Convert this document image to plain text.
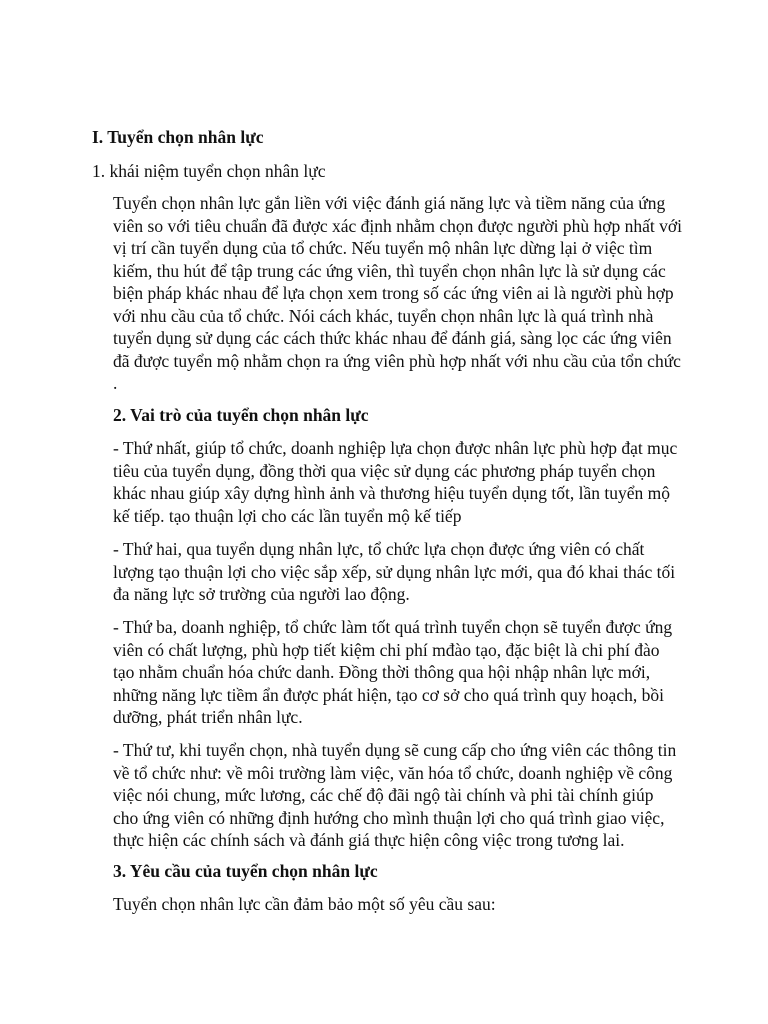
I. Tuyển chọn nhân lực

1. khái niệm tuyển chọn nhân lực

Tuyển chọn nhân lực gắn liền với việc đánh giá năng lực và tiềm năng của ứng viên so với tiêu chuẩn đã được xác định nhằm chọn được người phù hợp nhất với vị trí cần tuyển dụng của tổ chức. Nếu tuyển mộ nhân lực dừng lại ở việc tìm kiếm, thu hút để tập trung các ứng viên, thì tuyển chọn nhân lực là sử dụng các biện pháp khác nhau để lựa chọn xem trong số các ứng viên ai là người phù hợp với nhu cầu của tổ chức. Nói cách khác, tuyển chọn nhân lực là quá trình nhà tuyển dụng sử dụng các cách thức khác nhau để đánh giá, sàng lọc các ứng viên đã được tuyển mộ nhằm chọn ra ứng viên phù hợp nhất với nhu cầu của tổn chức .

2. Vai trò của tuyển chọn nhân lực

- Thứ nhất, giúp tổ chức, doanh nghiệp lựa chọn được nhân lực phù hợp đạt mục tiêu của tuyển dụng, đồng thời qua việc sử dụng các phương pháp tuyển chọn khác nhau giúp xây dựng hình ảnh và thương hiệu tuyển dụng tốt, lần tuyển mộ kế tiếp. tạo thuận lợi cho các lần tuyển mộ kế tiếp

- Thứ hai, qua tuyển dụng nhân lực, tổ chức lựa chọn được ứng viên có chất lượng tạo thuận lợi cho việc sắp xếp, sử dụng nhân lực mới, qua đó khai thác tối đa năng lực sở trường của người lao động.

- Thứ ba, doanh nghiệp, tổ chức làm tốt quá trình tuyển chọn sẽ tuyển được ứng viên có chất lượng, phù hợp tiết kiệm chi phí mđào tạo, đặc biệt là chi phí đào tạo nhằm chuẩn hóa chức danh. Đồng thời thông qua hội nhập nhân lực mới, những năng lực tiềm ẩn được phát hiện, tạo cơ sở cho quá trình quy hoạch, bồi dưỡng, phát triển nhân lực.

- Thứ tư, khi tuyển chọn, nhà tuyển dụng sẽ cung cấp cho ứng viên các thông tin về tổ chức như: về môi trường làm việc, văn hóa tổ chức, doanh nghiệp về công việc nói chung, mức lương, các chế độ đãi ngộ tài chính và phi tài chính giúp cho ứng viên có những định hướng cho mình thuận lợi cho quá trình giao việc, thực hiện các chính sách và đánh giá thực hiện công việc trong tương lai.

3. Yêu cầu của tuyển chọn nhân lực

Tuyển chọn nhân lực cần đảm bảo một số yêu cầu sau:
